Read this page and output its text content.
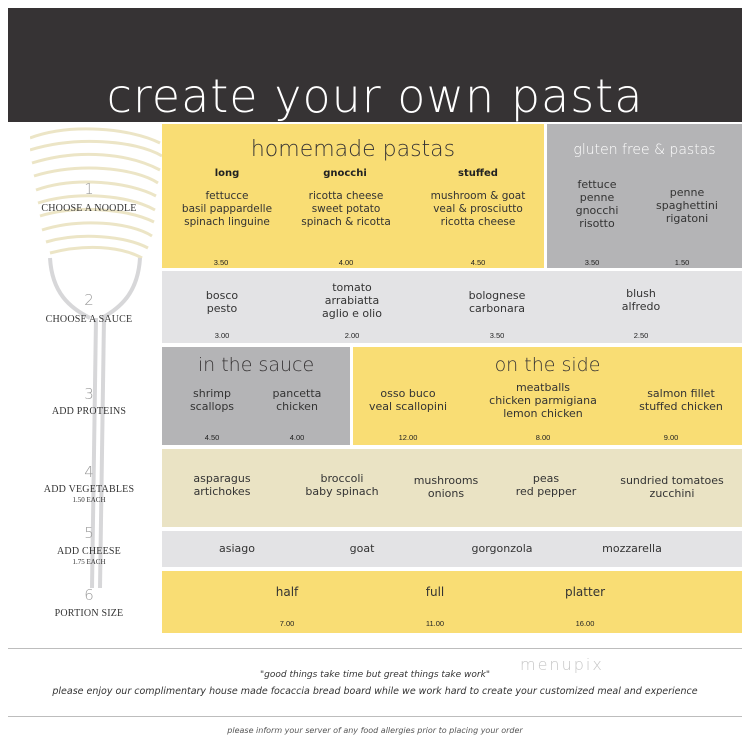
create your own pasta
1
CHOOSE A NOODLE
2
CHOOSE A SAUCE
3
ADD PROTEINS
4
ADD VEGETABLES
1.50 EACH
5
ADD CHEESE
1.75 EACH
6
PORTION SIZE
homemade pastas
long
fettucce
basil pappardelle
spinach linguine
3.50
gnocchi
ricotta cheese
sweet potato
spinach & ricotta
4.00
stuffed
mushroom & goat
veal & prosciutto
ricotta cheese
4.50
gluten free & pastas
fettuce
penne
gnocchi
risotto
3.50
penne
spaghettini
rigatoni
1.50
bosco
pesto
3.00
tomato
arrabiatta
aglio e olio
2.00
bolognese
carbonara
3.50
blush
alfredo
2.50
in the sauce
shrimp
scallops
4.50
pancetta
chicken
4.00
on the side
osso buco
veal scallopini
12.00
meatballs
chicken parmigiana
lemon chicken
8.00
salmon fillet
stuffed chicken
9.00
asparagus
artichokes
broccoli
baby spinach
mushrooms
onions
peas
red pepper
sundried tomatoes
zucchini
asiago	goat	gorgonzola	mozzarella
half
7.00
full
11.00
platter
16.00
menupix
"good things take time but great things take work"
please enjoy our complimentary house made focaccia bread board while we work hard to create your customized meal and experience
please inform your server of any food allergies prior to placing your order
